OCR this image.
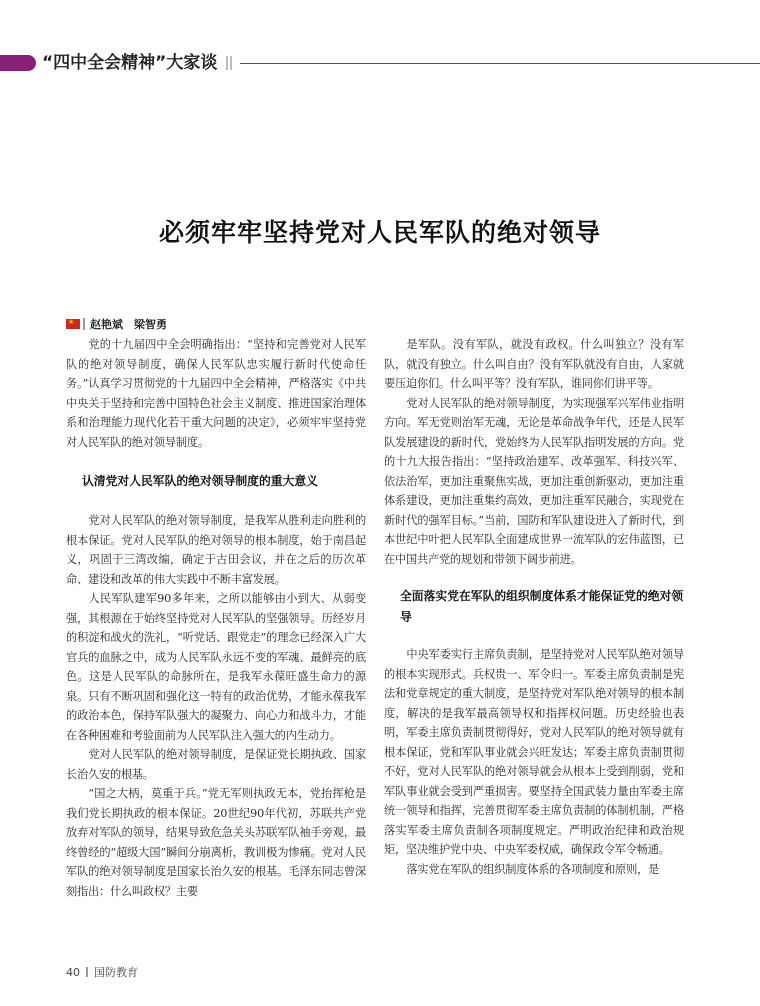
“四中全会精神”大家谈
必须牢牢坚持党对人民军队的绝对领导
★ 赵艳斌　梁智勇

党的十九届四中全会明确指出：“坚持和完善党对人民军队的绝对领导制度，确保人民军队忠实履行新时代使命任务。”认真学习贯彻党的十九届四中全会精神，严格落实《中共中央关于坚持和完善中国特色社会主义制度、推进国家治理体系和治理能力现代化若干重大问题的决定》，必须牢牢坚持党对人民军队的绝对领导制度。

认清党对人民军队的绝对领导制度的重大意义

党对人民军队的绝对领导制度，是我军从胜利走向胜利的根本保证。党对人民军队的绝对领导的根本制度，始于南昌起义，巩固于三湾改编，确定于古田会议，并在之后的历次革命、建设和改革的伟大实践中不断丰富发展。

人民军队建军90多年来，之所以能够由小到大、从弱变强，其根源在于始终坚持党对人民军队的坚强领导。历经岁月的积淀和战火的洗礼，“听党话、跟党走”的理念已经深入广大官兵的血脉之中，成为人民军队永远不变的军魂、最鲜亮的底色。这是人民军队的命脉所在，是我军永葆旺盛生命力的源泉。只有不断巩固和强化这一特有的政治优势，才能永葆我军的政治本色，保持军队强大的凝聚力、向心力和战斗力，才能在各种困难和考验面前为人民军队注入强大的内生动力。

党对人民军队的绝对领导制度，是保证党长期执政、国家长治久安的根基。

“国之大柄，莫重于兵。”党无军则执政无本，党抬挥枪是我们党长期执政的根本保证。20世纪90年代初，苏联共产党放弃对军队的领导，结果导致危急关头苏联军队袖手旁观，最终曾经的“超级大国”瞬间分崩离析，教训极为惨痛。党对人民军队的绝对领导制度是国家长治久安的根基。毛泽东同志曾深刻指出：什么叫政权？主要

是军队。没有军队，就没有政权。什么叫独立？没有军队，就没有独立。什么叫自由？没有军队就没有自由，人家就要压迫你们。什么叫平等？没有军队，谁同你们讲平等。

党对人民军队的绝对领导制度，为实现强军兴军伟业指明方向。军无党则治军无魂，无论是革命战争年代，还是人民军队发展建设的新时代，党始终为人民军队指明发展的方向。党的十九大报告指出：“坚持政治建军、改革强军、科技兴军、依法治军，更加注重聚焦实战，更加注重创新驱动，更加注重体系建设，更加注重集约高效，更加注重军民融合，实现党在新时代的强军目标。”当前，国防和军队建设进入了新时代，到本世纪中叶把人民军队全面建成世界一流军队的宏伟蓝图，已在中国共产党的规划和带领下阔步前进。

全面落实党在军队的组织制度体系才能保证党的绝对领导

中央军委实行主席负责制，是坚持党对人民军队绝对领导的根本实现形式。兵权贵一、军令归一。军委主席负责制是宪法和党章规定的重大制度，是坚持党对军队绝对领导的根本制度，解决的是我军最高领导权和指挥权问题。历史经验也表明，军委主席负责制贯彻得好，党对人民军队的绝对领导就有根本保证，党和军队事业就会兴旺发达；军委主席负责制贯彻不好，党对人民军队的绝对领导就会从根本上受到削弱，党和军队事业就会受到严重损害。要坚持全国武装力量由军委主席统一领导和指挥，完善贯彻军委主席负责制的体制机制，严格落实军委主席负责制各项制度规定。严明政治纪律和政治规矩，坚决维护党中央、中央军委权威，确保政令军令畅通。

落实党在军队的组织制度体系的各项制度和原则，是

40 国防教育
